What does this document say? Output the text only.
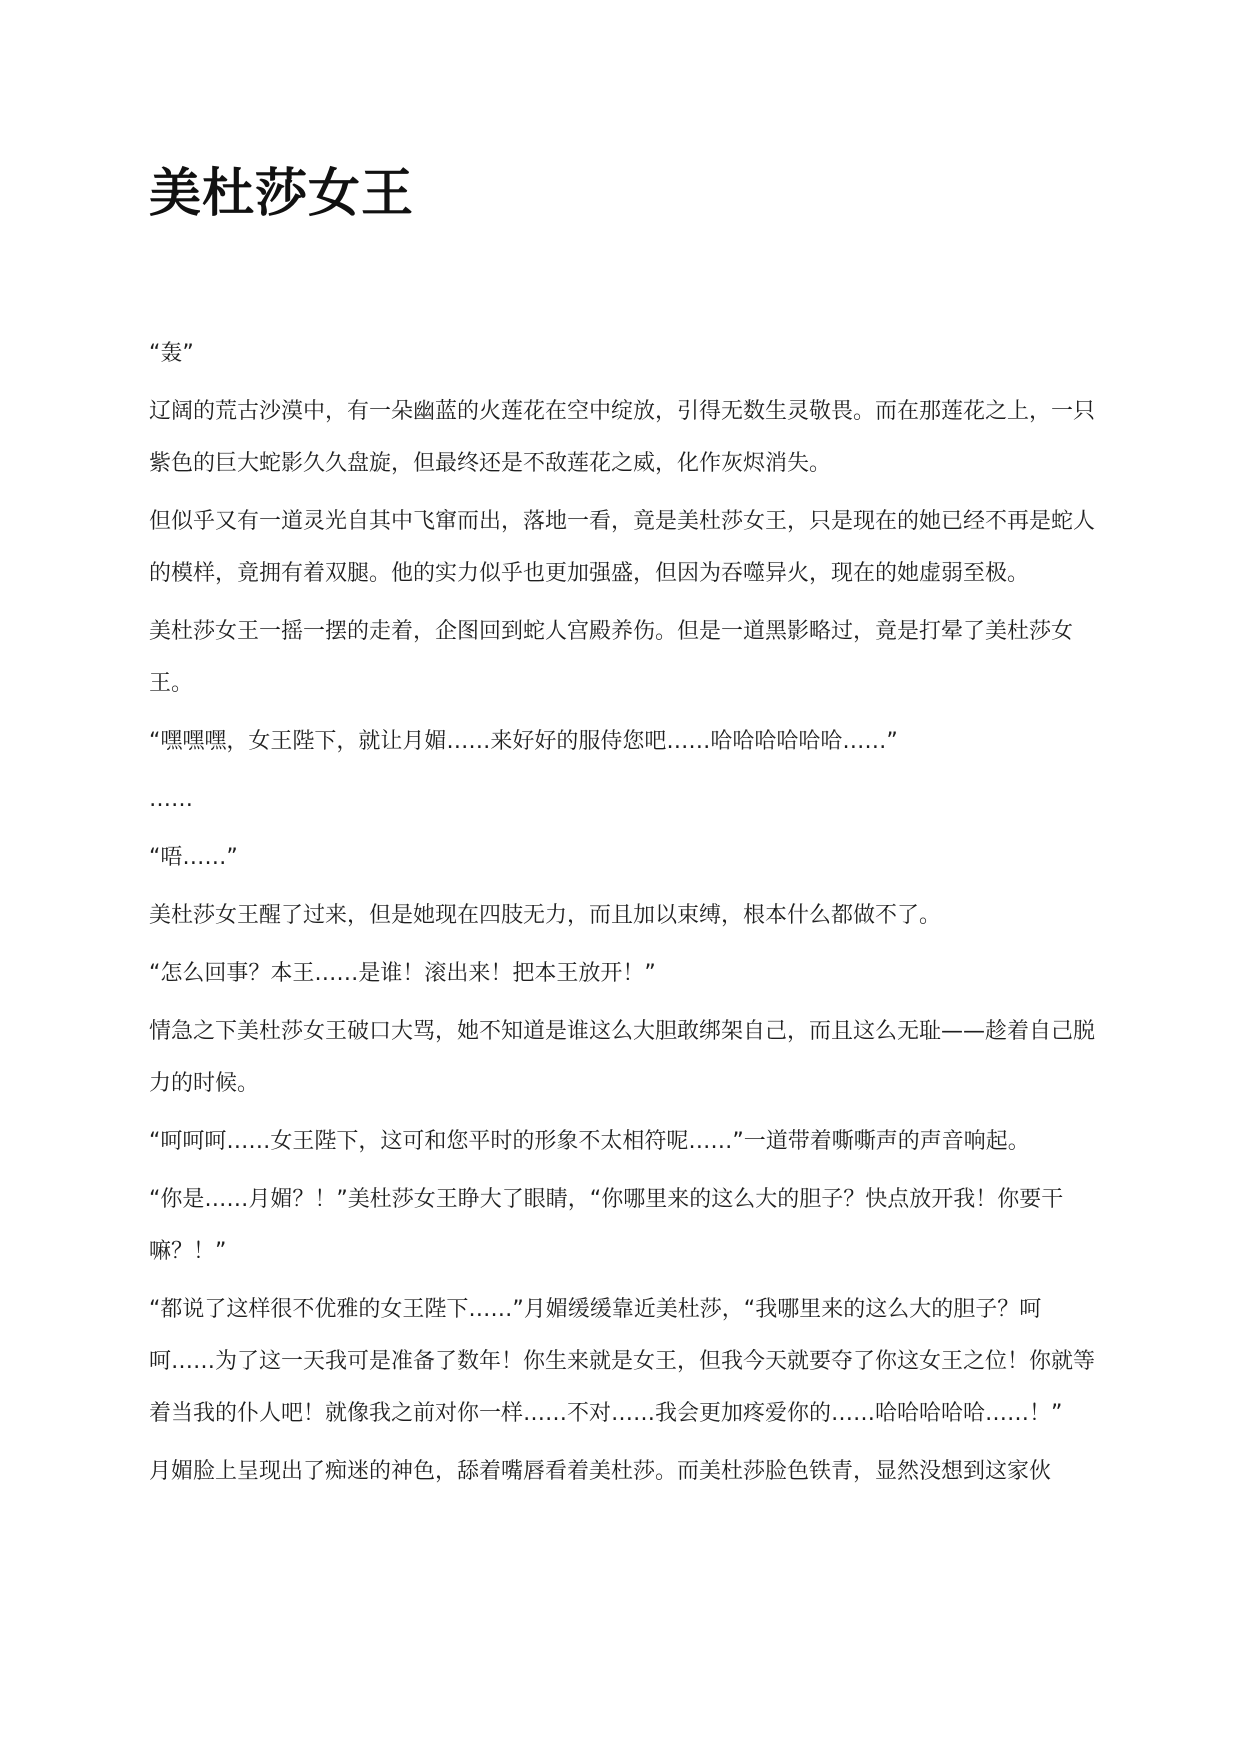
美杜莎女王

“轰”

辽阔的荒古沙漠中，有一朵幽蓝的火莲花在空中绽放，引得无数生灵敬畏。而在那莲花之上，一只紫色的巨大蛇影久久盘旋，但最终还是不敌莲花之威，化作灰烬消失。

但似乎又有一道灵光自其中飞窜而出，落地一看，竟是美杜莎女王，只是现在的她已经不再是蛇人的模样，竟拥有着双腿。他的实力似乎也更加强盛，但因为吞噬异火，现在的她虚弱至极。

美杜莎女王一摇一摆的走着，企图回到蛇人宫殿养伤。但是一道黑影略过，竟是打晕了美杜莎女王。

“嘿嘿嘿，女王陛下，就让月媚……来好好的服侍您吧……哈哈哈哈哈哈……”

……

“唔……”

美杜莎女王醒了过来，但是她现在四肢无力，而且加以束缚，根本什么都做不了。

“怎么回事？本王……是谁！滚出来！把本王放开！”

情急之下美杜莎女王破口大骂，她不知道是谁这么大胆敢绑架自己，而且这么无耻——趁着自己脱力的时候。

“呵呵呵……女王陛下，这可和您平时的形象不太相符呢……”一道带着嘶嘶声的声音响起。

“你是……月媚？！”美杜莎女王睁大了眼睛，“你哪里来的这么大的胆子？快点放开我！你要干嘛？！”

“都说了这样很不优雅的女王陛下……”月媚缓缓靠近美杜莎，“我哪里来的这么大的胆子？呵呵……为了这一天我可是准备了数年！你生来就是女王，但我今天就要夺了你这女王之位！你就等着当我的仆人吧！就像我之前对你一样……不对……我会更加疼爱你的……哈哈哈哈哈……！”

月媚脸上呈现出了痴迷的神色，舔着嘴唇看着美杜莎。而美杜莎脸色铁青，显然没想到这家伙
